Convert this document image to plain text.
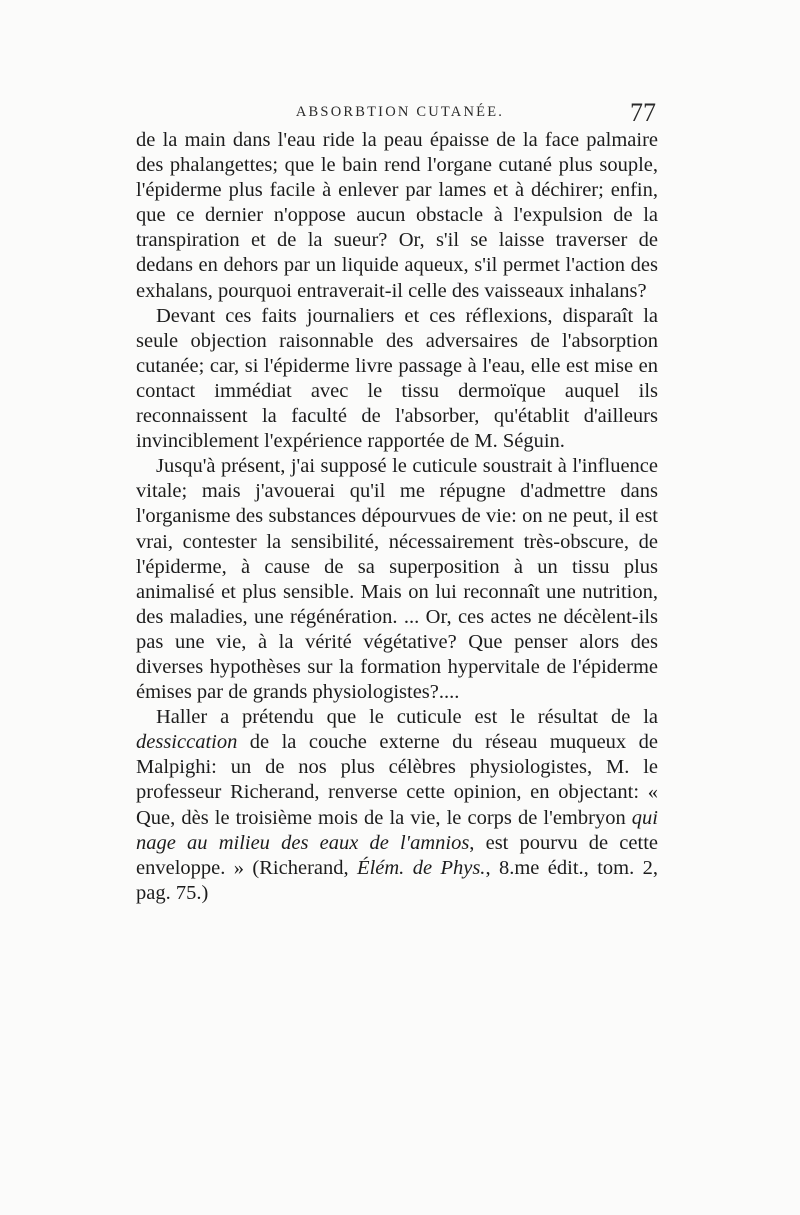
ABSORBTION CUTANÉE.	77

de la main dans l'eau ride la peau épaisse de la face palmaire des phalangettes; que le bain rend l'organe cutané plus souple, l'épiderme plus facile à enlever par lames et à déchirer; enfin, que ce dernier n'oppose aucun obstacle à l'expulsion de la transpiration et de la sueur? Or, s'il se laisse traverser de dedans en dehors par un liquide aqueux, s'il permet l'action des exhalans, pourquoi entraverait-il celle des vaisseaux inhalans?

Devant ces faits journaliers et ces réflexions, disparaît la seule objection raisonnable des adversaires de l'absorption cutanée; car, si l'épiderme livre passage à l'eau, elle est mise en contact immédiat avec le tissu dermoïque auquel ils reconnaissent la faculté de l'absorber, qu'établit d'ailleurs invinciblement l'expérience rapportée de M. Séguin.

Jusqu'à présent, j'ai supposé le cuticule soustrait à l'influence vitale; mais j'avouerai qu'il me répugne d'admettre dans l'organisme des substances dépourvues de vie: on ne peut, il est vrai, contester la sensibilité, nécessairement très-obscure, de l'épiderme, à cause de sa superposition à un tissu plus animalisé et plus sensible. Mais on lui reconnaît une nutrition, des maladies, une régénération. ... Or, ces actes ne décèlent-ils pas une vie, à la vérité végétative? Que penser alors des diverses hypothèses sur la formation hypervitale de l'épiderme émises par de grands physiologistes?....

Haller a prétendu que le cuticule est le résultat de la dessiccation de la couche externe du réseau muqueux de Malpighi: un de nos plus célèbres physiologistes, M. le professeur Richerand, renverse cette opinion, en objectant: « Que, dès le troisième mois de la vie, le corps de l'embryon qui nage au milieu des eaux de l'amnios, est pourvu de cette enveloppe. » (Richerand, Élém. de Phys., 8.me édit., tom. 2, pag. 75.)
